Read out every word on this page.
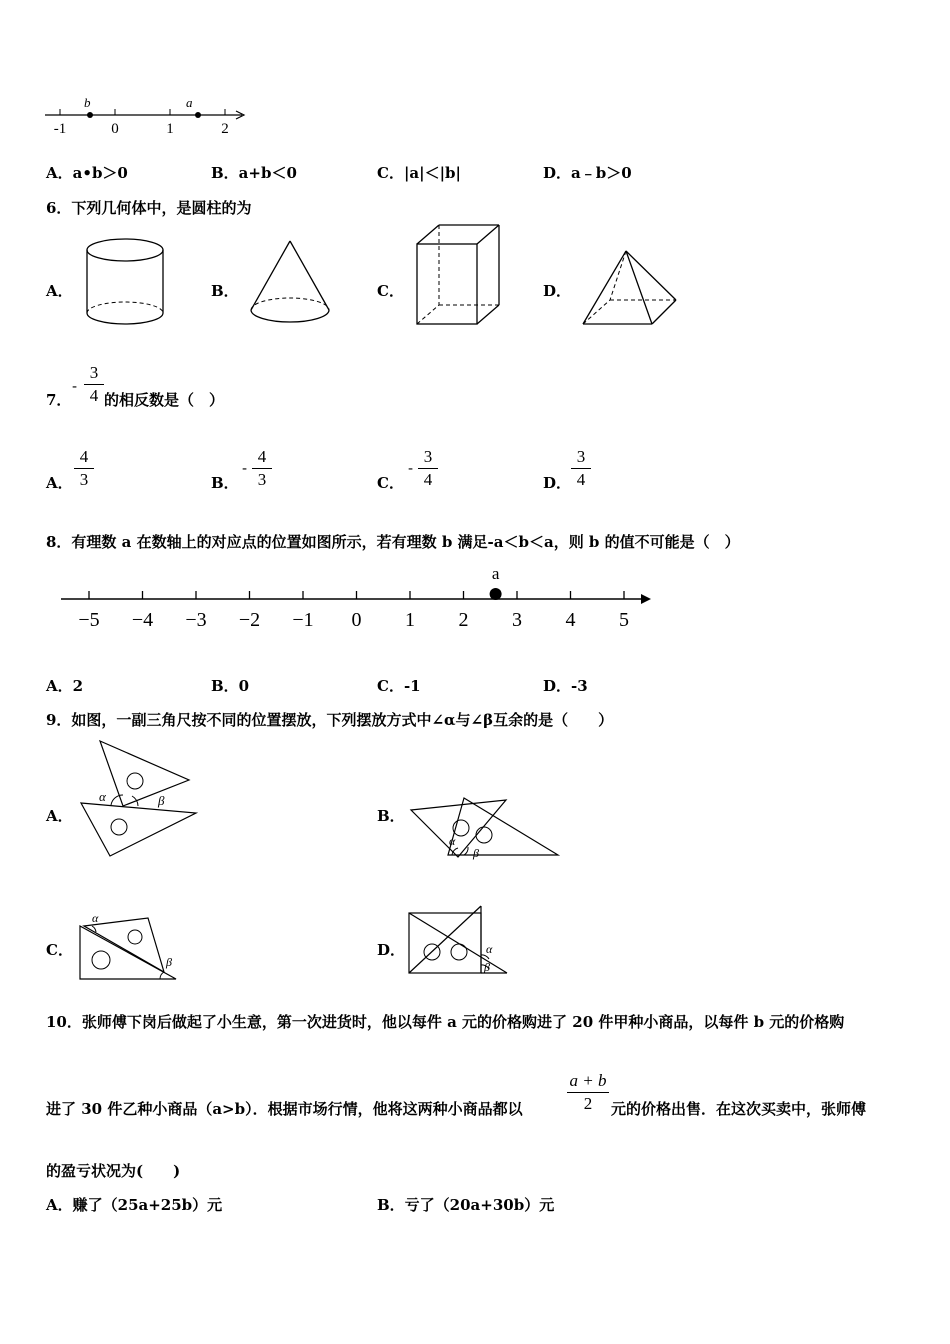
-1	0	1	2
b	a
A．a•b＞0	B．a+b＜0	C．|a|＜|b|	D．a﹣b＞0
6．下列几何体中，是圆柱的为
A．	B．	C．	D．
7．
-
3
4 的相反数是（　）
A．
4
3	B．
-
4
3	C．
-
3
4	D．
3
4
8．有理数 a 在数轴上的对应点的位置如图所示，若有理数 b 满足-a＜b＜a，则 b 的值不可能是（　）
−5 −4 −3 −2 −1 0 1 2 3 4 5
a
A．2	B．0	C．-1	D．-3
9．如图，一副三角尺按不同的位置摆放，下列摆放方式中∠α与∠β互余的是（　　）
A．
α	β
B．
α
β
C．
α
β
D．	α
β
10．张师傅下岗后做起了小生意，第一次进货时，他以每件 a 元的价格购进了 20 件甲种小商品，以每件 b 元的价格购
进了 30 件乙种小商品（a>b）．根据市场行情，他将这两种小商品都以
a + b
2	元的价格出售．在这次买卖中，张师傅
的盈亏状况为(　　)
A．赚了（25a+25b）元	B．亏了（20a+30b）元
